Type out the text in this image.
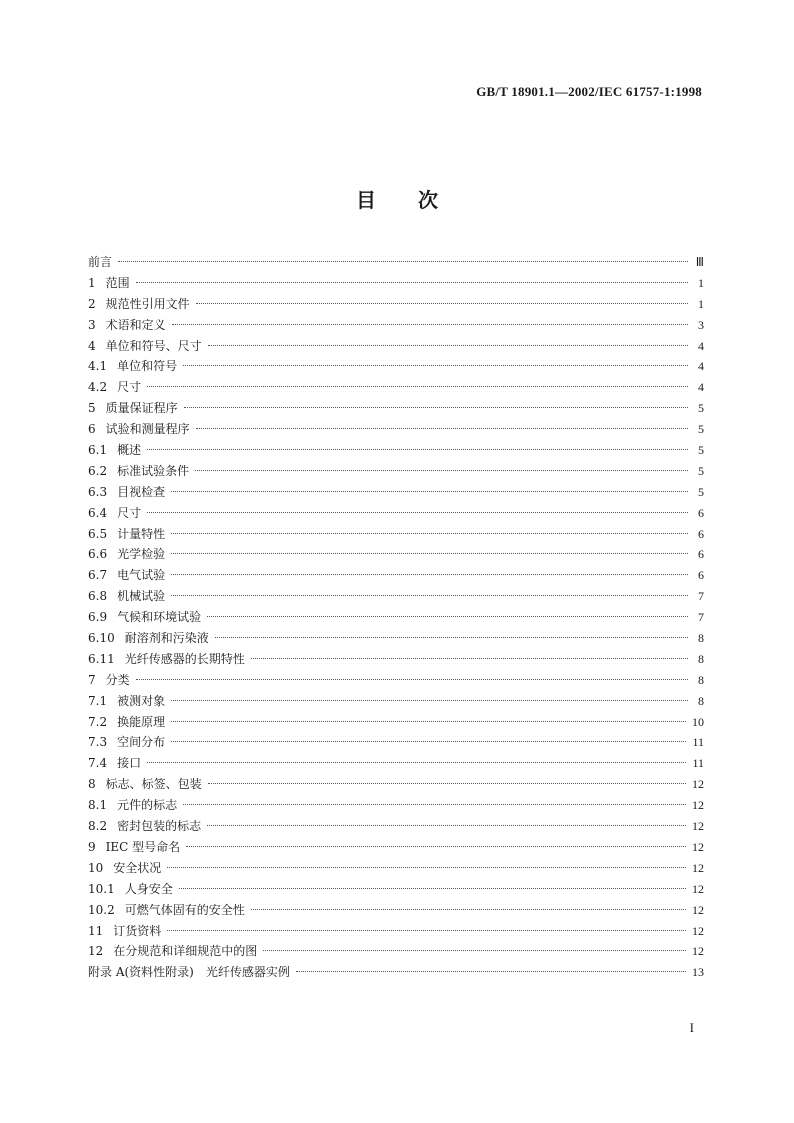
GB/T 18901.1—2002/IEC 61757-1:1998
目次
前言	Ⅲ
1 范围	1
2 规范性引用文件	1
3 术语和定义	3
4 单位和符号、尺寸	4
4.1 单位和符号	4
4.2 尺寸	4
5 质量保证程序	5
6 试验和测量程序	5
6.1 概述	5
6.2 标准试验条件	5
6.3 目视检查	5
6.4 尺寸	6
6.5 计量特性	6
6.6 光学检验	6
6.7 电气试验	6
6.8 机械试验	7
6.9 气候和环境试验	7
6.10 耐溶剂和污染液	8
6.11 光纤传感器的长期特性	8
7 分类	8
7.1 被测对象	8
7.2 换能原理	10
7.3 空间分布	11
7.4 接口	11
8 标志、标签、包装	12
8.1 元件的标志	12
8.2 密封包装的标志	12
9 IEC 型号命名	12
10 安全状况	12
10.1 人身安全	12
10.2 可燃气体固有的安全性	12
11 订货资料	12
12 在分规范和详细规范中的图	12
附录 A(资料性附录)　光纤传感器实例	13
I
